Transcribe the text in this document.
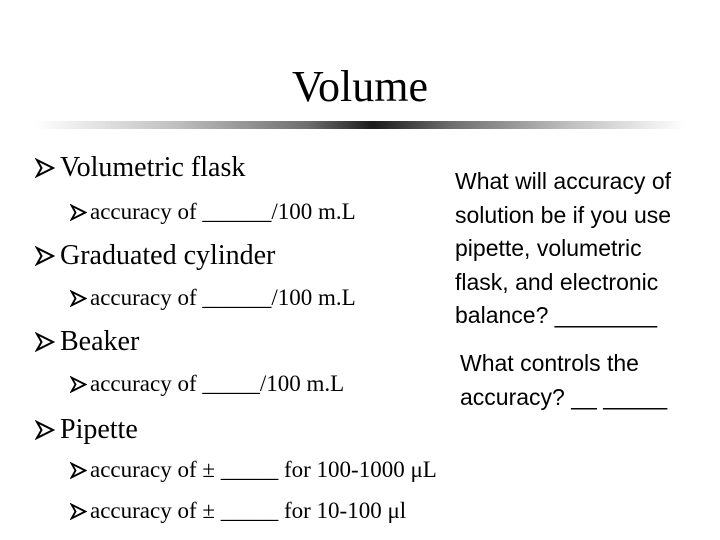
Volume
Volumetric flask
accuracy of ______/100 m.L
Graduated cylinder
accuracy of ______/100 m.L
Beaker
accuracy of _____/100 m.L
Pipette
accuracy of ± _____ for 100-1000 μL
accuracy of ± _____ for 10-100 μl
What will accuracy of
solution be if you use
pipette, volumetric
flask, and electronic
balance? ________
What controls the
accuracy? __ _____
